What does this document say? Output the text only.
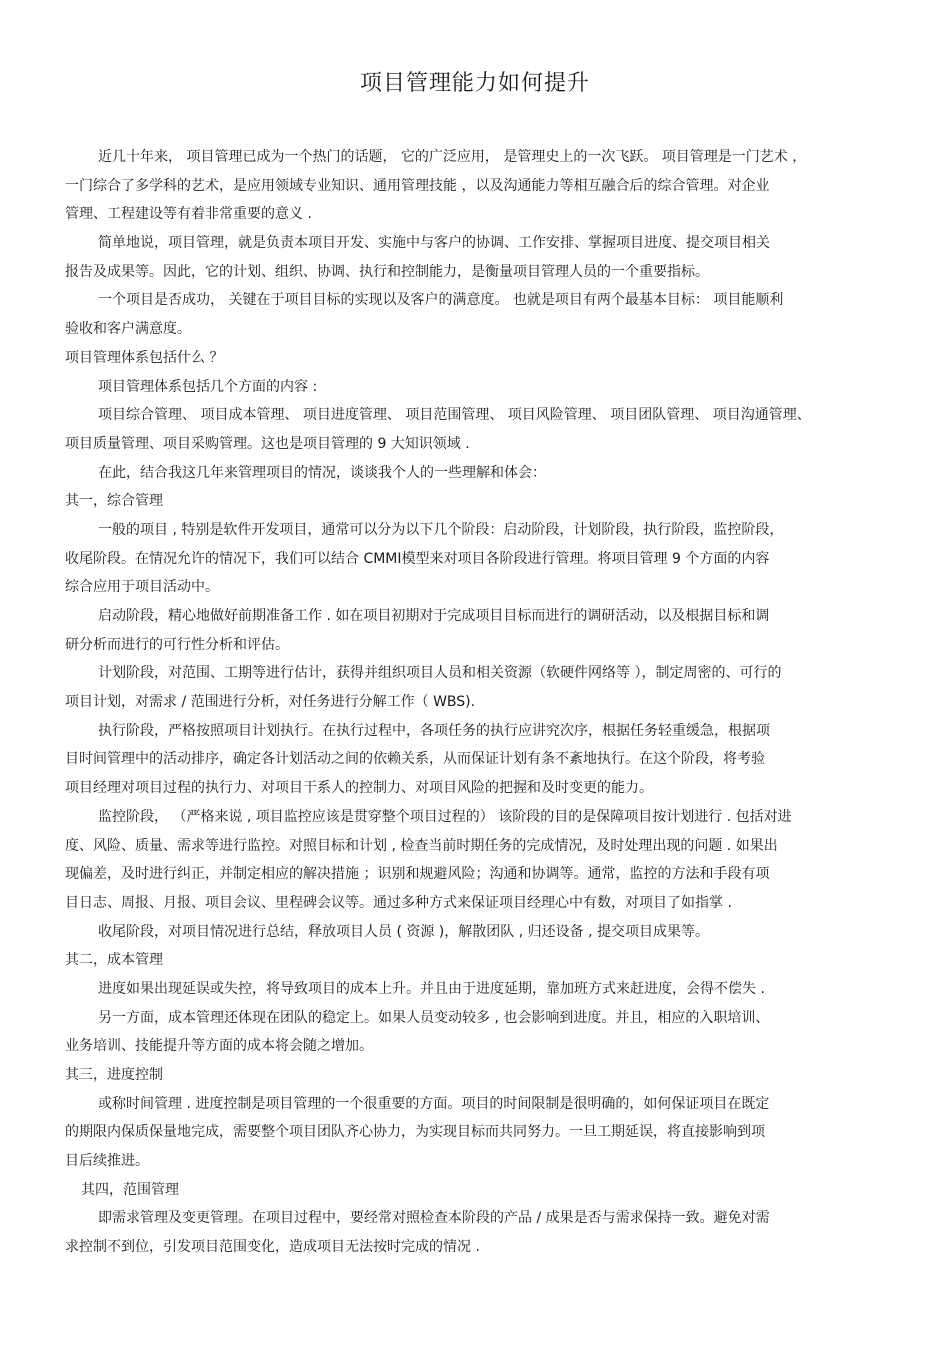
项目管理能力如何提升
近几十年来， 项目管理已成为一个热门的话题， 它的广泛应用， 是管理史上的一次飞跃。 项目管理是一门艺术 ，
一门综合了多学科的艺术，是应用领域专业知识、通用管理技能 ，以及沟通能力等相互融合后的综合管理。对企业
管理、工程建设等有着非常重要的意义 .
简单地说，项目管理，就是负责本项目开发、实施中与客户的协调、工作安排、掌握项目进度、提交项目相关
报告及成果等。因此，它的计划、组织、协调、执行和控制能力，是衡量项目管理人员的一个重要指标。
一个项目是否成功， 关键在于项目目标的实现以及客户的满意度。 也就是项目有两个最基本目标： 项目能顺利
验收和客户满意度。
项目管理体系包括什么 ？
项目管理体系包括几个方面的内容 :
项目综合管理、 项目成本管理、 项目进度管理、 项目范围管理、 项目风险管理、 项目团队管理、 项目沟通管理、
项目质量管理、项目采购管理。这也是项目管理的 9 大知识领域 .
在此，结合我这几年来管理项目的情况，谈谈我个人的一些理解和体会：
其一，综合管理
一般的项目 , 特别是软件开发项目，通常可以分为以下几个阶段：启动阶段，计划阶段，执行阶段，监控阶段，
收尾阶段。在情况允许的情况下，我们可以结合 CMMI模型来对项目各阶段进行管理。将项目管理 9 个方面的内容
综合应用于项目活动中。
启动阶段，精心地做好前期准备工作 . 如在项目初期对于完成项目目标而进行的调研活动，以及根据目标和调
研分析而进行的可行性分析和评估。
计划阶段，对范围、工期等进行估计，获得并组织项目人员和相关资源（软硬件网络等 ），制定周密的、可行的
项目计划，对需求 / 范围进行分析，对任务进行分解工作（ WBS).
执行阶段，严格按照项目计划执行。在执行过程中，各项任务的执行应讲究次序，根据任务轻重缓急，根据项
目时间管理中的活动排序，确定各计划活动之间的依赖关系，从而保证计划有条不紊地执行。在这个阶段，将考验
项目经理对项目过程的执行力、对项目干系人的控制力、对项目风险的把握和及时变更的能力。
监控阶段， （严格来说 , 项目监控应该是贯穿整个项目过程的） 该阶段的目的是保障项目按计划进行 . 包括对进
度、风险、质量、需求等进行监控。对照目标和计划 , 检查当前时期任务的完成情况，及时处理出现的问题 . 如果出
现偏差，及时进行纠正，并制定相应的解决措施 ；识别和规避风险；沟通和协调等。通常，监控的方法和手段有项
目日志、周报、月报、项目会议、里程碑会议等。通过多种方式来保证项目经理心中有数，对项目了如指掌 .
收尾阶段，对项目情况进行总结，释放项目人员 ( 资源 )，解散团队 , 归还设备 , 提交项目成果等。
其二，成本管理
进度如果出现延误或失控，将导致项目的成本上升。并且由于进度延期，靠加班方式来赶进度，会得不偿失 .
另一方面，成本管理还体现在团队的稳定上。如果人员变动较多 , 也会影响到进度。并且，相应的入职培训、
业务培训、技能提升等方面的成本将会随之增加。
其三，进度控制
或称时间管理 . 进度控制是项目管理的一个很重要的方面。项目的时间限制是很明确的，如何保证项目在既定
的期限内保质保量地完成，需要整个项目团队齐心协力，为实现目标而共同努力。一旦工期延误，将直接影响到项
目后续推进。
其四，范围管理
即需求管理及变更管理。在项目过程中，要经常对照检查本阶段的产品 / 成果是否与需求保持一致。避免对需
求控制不到位，引发项目范围变化，造成项目无法按时完成的情况 .
